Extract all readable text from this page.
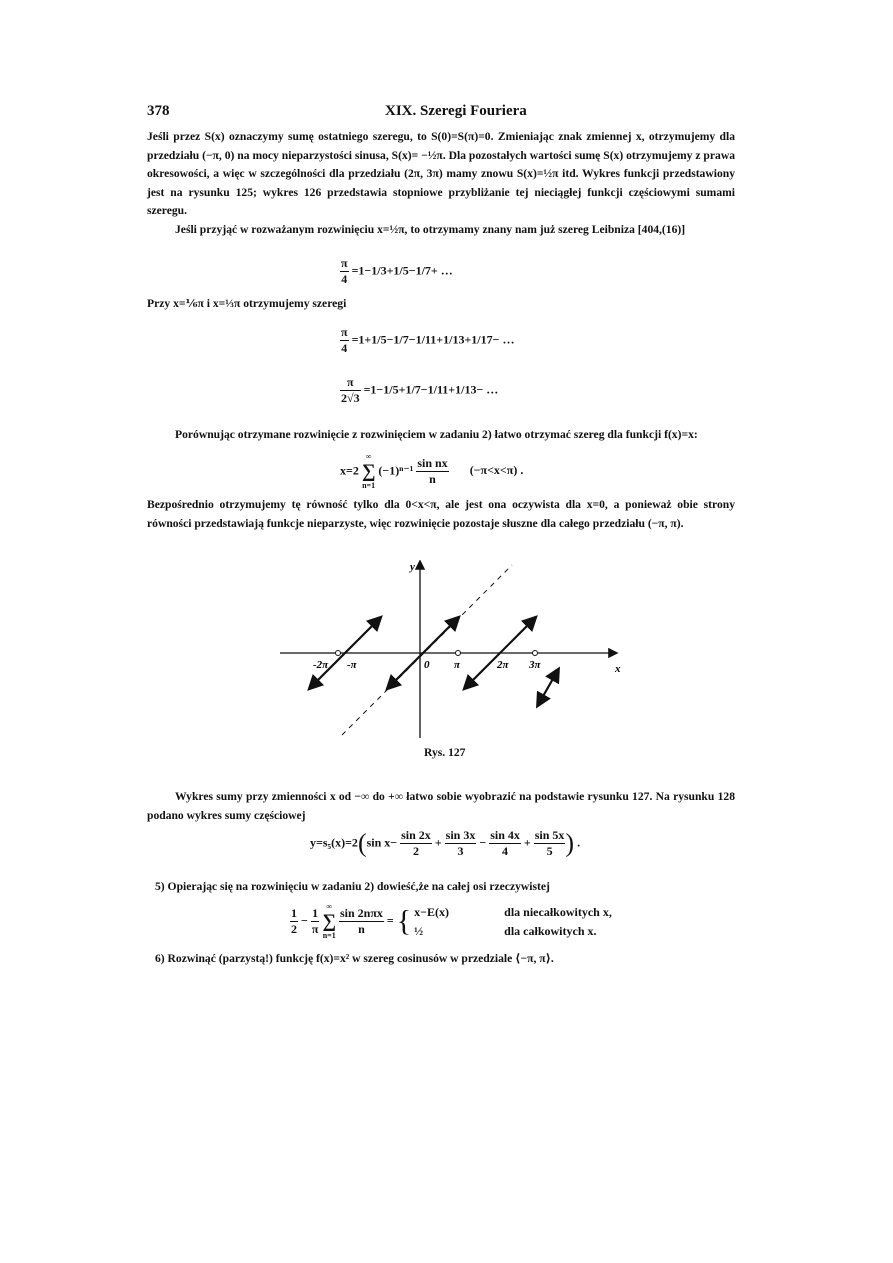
378	XIX. Szeregi Fouriera

Jeśli przez S(x) oznaczymy sumę ostatniego szeregu, to S(0)=S(π)=0. Zmieniając znak zmiennej x, otrzymujemy dla przedziału (−π, 0) na mocy nieparzystości sinusa, S(x)= −½π. Dla pozostałych wartości sumę S(x) otrzymujemy z prawa okresowości, a więc w szczególności dla przedziału (2π, 3π) mamy znowu S(x)=½π itd. Wykres funkcji przedstawiony jest na rysunku 125; wykres 126 przedstawia stopniowe przybliżanie tej nieciągłej funkcji częściowymi sumami szeregu.

Jeśli przyjąć w rozważanym rozwinięciu x=½π, to otrzymamy znany nam już szereg Leibniza [404,(16)]

$\frac{\pi}{4} =1-1/3+1/5-1/7+$ …
Przy x=⅙π i x=⅓π otrzymujemy szeregi
$\frac{\pi}{4} =1+1/5-1/7-1/11+1/13+1/17-$ …
$\frac{\pi}{2√3} =1-1/5+1/7-1/11+1/13-$ …
Porównując otrzymane rozwinięcie z rozwinięciem w zadaniu 2) łatwo otrzymać szereg dla funkcji f(x)=x:
x=2
∞
∑
n=1
$(-1)^{n-1} \frac{\text{sin nx}}{n} (-\pi<x<\pi)$ .
Bezpośrednio otrzymujemy tę równość tylko dla 0<x<π, ale jest ona oczywista dla x=0, a ponieważ obie strony równości przedstawiają funkcje nieparzyste, więc rozwinięcie pozostaje słuszne dla całego przedziału (−π, π).
y
x
-2π -π	0 π	2π 3π
Rys. 127
Wykres sumy przy zmienności x od −∞ do +∞ łatwo sobie wyobrazić na podstawie rysunku 127. Na rysunku 128 podano wykres sumy częściowej
y=s₅(x)=2(sin $x- \frac{\sin 2x}{2} + \frac{\sin 3x}{3} - \frac{\sin 4x}{4} + \frac{\sin 5x}{5}$ ) .
5) Opierając się na rozwinięciu w zadaniu 2) dowieść,że na całej osi rzeczywistej
$\frac{1}{2} - \frac{1}{\pi}$
∞
∑
n=1
$\frac{\text{sin 2nπx}}{n}$ = { x−E(x)	dla niecałkowitych x,
½	dla całkowitych x.
6) Rozwinąć (parzystą!) funkcję f(x)=x² w szereg cosinusów w przedziale ⟨−π, π⟩.
